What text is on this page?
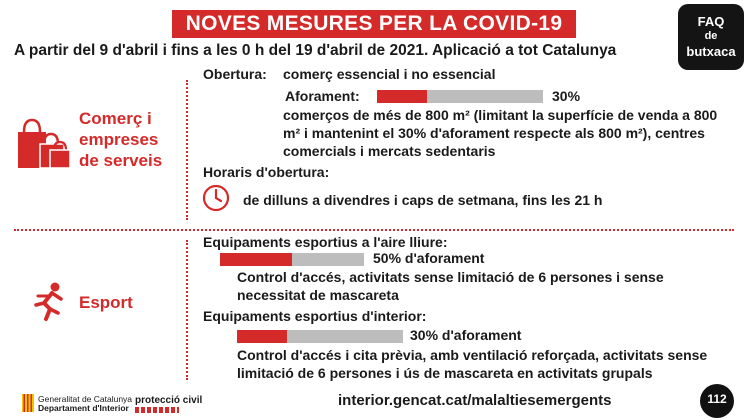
NOVES MESURES PER LA COVID-19	FAQ
de
butxaca
A partir del 9 d'abril i fins a les 0 h del 19 d'abril de 2021. Aplicació a tot Catalunya
Comerç i empreses de serveis
Obertura: comerç essencial i no essencial
Aforament:	30%
comerços de més de 800 m² (limitant la superfície de venda a 800 m² i mantenint el 30% d'aforament respecte als 800 m²), centres comercials i mercats sedentaris
Horaris d'obertura:
de dilluns a divendres i caps de setmana, fins les 21 h
Esport
Equipaments esportius a l'aire lliure:
50% d'aforament
Control d'accés, activitats sense limitació de 6 persones i sense necessitat de mascareta
Equipaments esportius d'interior:
30% d'aforament
Control d'accés i cita prèvia, amb ventilació reforçada, activitats sense limitació de 6 persones i ús de mascareta en activitats grupals
Generalitat de Catalunya
Departament d'Interior
protecció civil	interior.gencat.cat/malaltiesemergents	112
